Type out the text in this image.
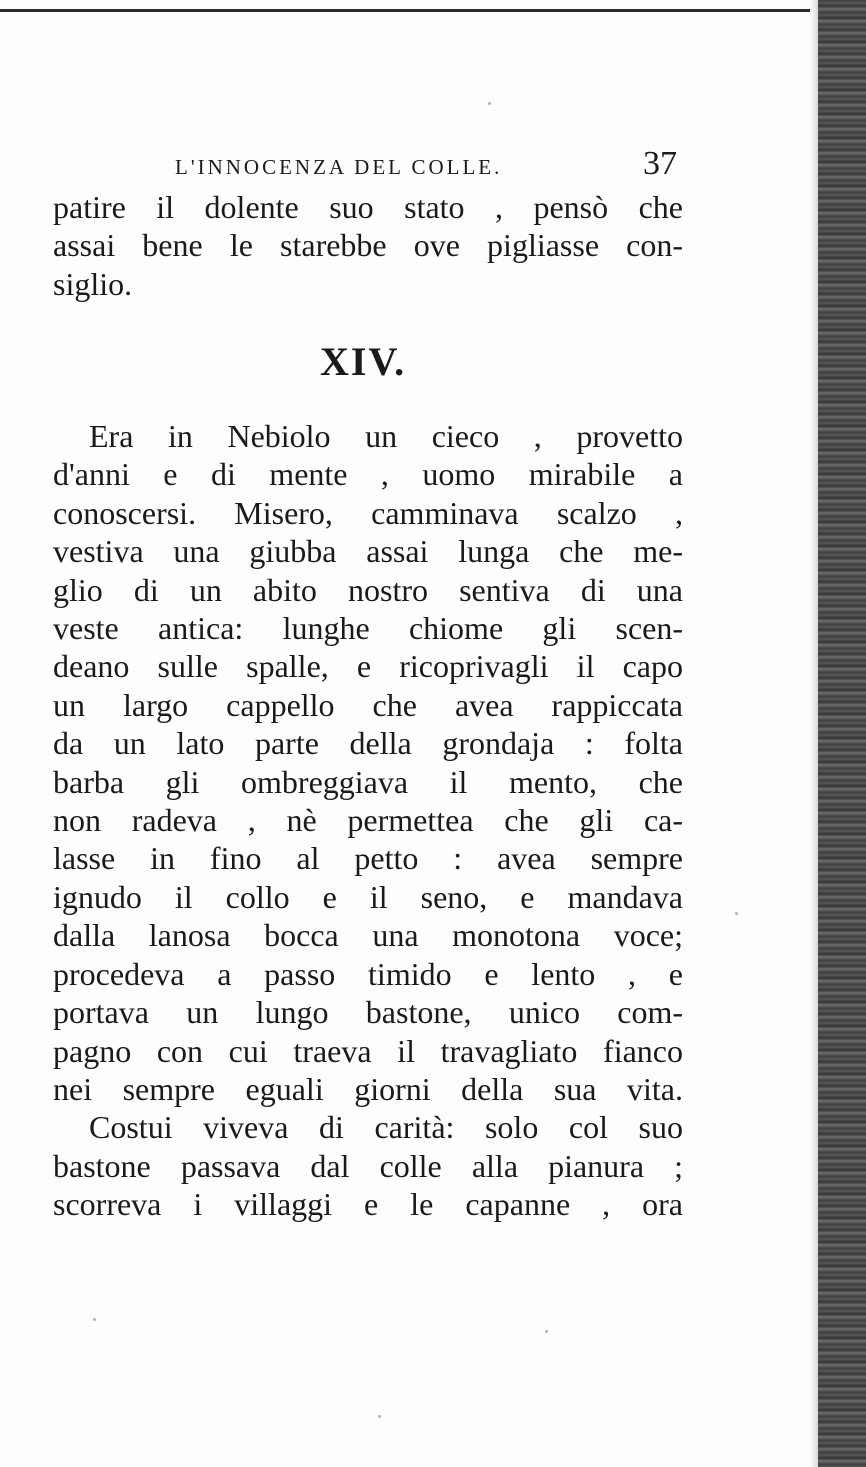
L'INNOCENZA DEL COLLE.	37
patire il dolente suo stato , pensò che
assai bene le starebbe ove pigliasse con-
siglio.
XIV.
Era in Nebiolo un cieco , provetto
d'anni e di mente , uomo mirabile a
conoscersi. Misero, camminava scalzo ,
vestiva una giubba assai lunga che me-
glio di un abito nostro sentiva di una
veste antica: lunghe chiome gli scen-
deano sulle spalle, e ricoprivagli il capo
un largo cappello che avea rappiccata
da un lato parte della grondaja : folta
barba gli ombreggiava il mento, che
non radeva , nè permettea che gli ca-
lasse in fino al petto : avea sempre
ignudo il collo e il seno, e mandava
dalla lanosa bocca una monotona voce;
procedeva a passo timido e lento , e
portava un lungo bastone, unico com-
pagno con cui traeva il travagliato fianco
nei sempre eguali giorni della sua vita.
Costui viveva di carità: solo col suo
bastone passava dal colle alla pianura ;
scorreva i villaggi e le capanne , ora
